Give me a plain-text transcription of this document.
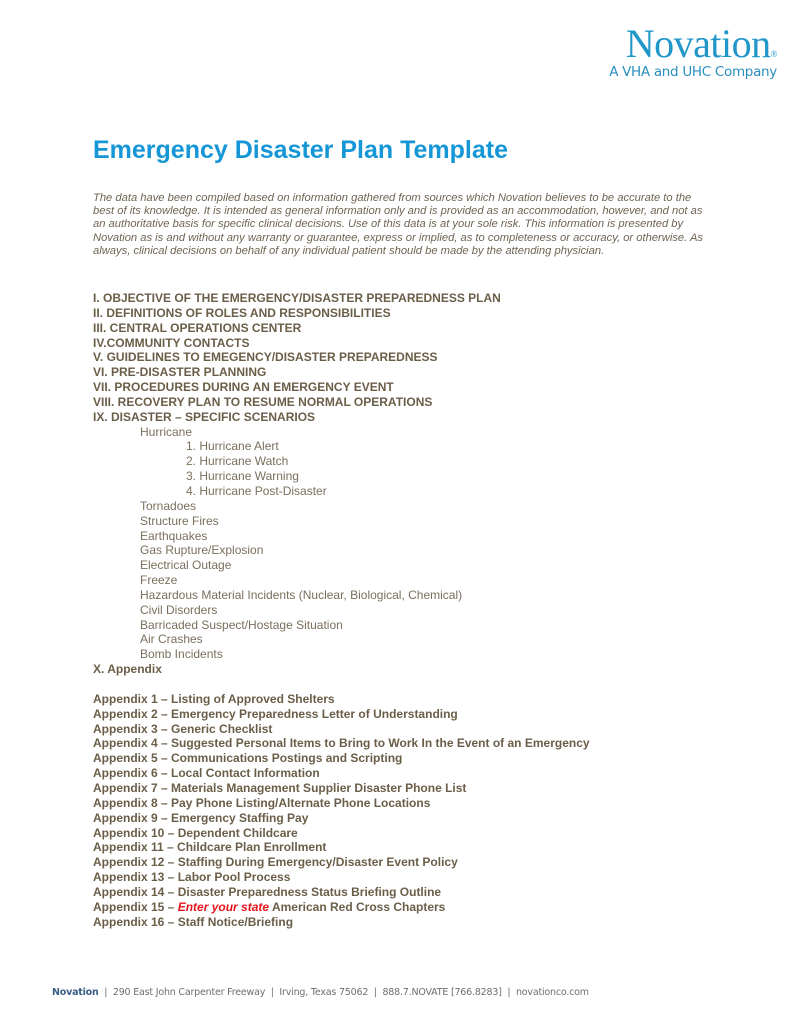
Novation®
A VHA and UHC Company
Emergency Disaster Plan Template
The data have been compiled based on information gathered from sources which Novation believes to be accurate to the best of its knowledge. It is intended as general information only and is provided as an accommodation, however, and not as an authoritative basis for specific clinical decisions. Use of this data is at your sole risk. This information is presented by Novation as is and without any warranty or guarantee, express or implied, as to completeness or accuracy, or otherwise. As always, clinical decisions on behalf of any individual patient should be made by the attending physician.
I. OBJECTIVE OF THE EMERGENCY/DISASTER PREPAREDNESS PLAN
II. DEFINITIONS OF ROLES AND RESPONSIBILITIES
III. CENTRAL OPERATIONS CENTER
IV.COMMUNITY CONTACTS
V. GUIDELINES TO EMEGENCY/DISASTER PREPAREDNESS
VI. PRE-DISASTER PLANNING
VII. PROCEDURES DURING AN EMERGENCY EVENT
VIII. RECOVERY PLAN TO RESUME NORMAL OPERATIONS
IX. DISASTER – SPECIFIC SCENARIOS
Hurricane
1. Hurricane Alert
2. Hurricane Watch
3. Hurricane Warning
4. Hurricane Post-Disaster
Tornadoes
Structure Fires
Earthquakes
Gas Rupture/Explosion
Electrical Outage
Freeze
Hazardous Material Incidents (Nuclear, Biological, Chemical)
Civil Disorders
Barricaded Suspect/Hostage Situation
Air Crashes
Bomb Incidents
X. Appendix
Appendix 1 – Listing of Approved Shelters
Appendix 2 – Emergency Preparedness Letter of Understanding
Appendix 3 – Generic Checklist
Appendix 4 – Suggested Personal Items to Bring to Work In the Event of an Emergency
Appendix 5 – Communications Postings and Scripting
Appendix 6 – Local Contact Information
Appendix 7 – Materials Management Supplier Disaster Phone List
Appendix 8 – Pay Phone Listing/Alternate Phone Locations
Appendix 9 – Emergency Staffing Pay
Appendix 10 – Dependent Childcare
Appendix 11 – Childcare Plan Enrollment
Appendix 12 – Staffing During Emergency/Disaster Event Policy
Appendix 13 – Labor Pool Process
Appendix 14 – Disaster Preparedness Status Briefing Outline
Appendix 15 – Enter your state American Red Cross Chapters
Appendix 16 – Staff Notice/Briefing
Novation  |  290 East John Carpenter Freeway  |  Irving, Texas 75062  |  888.7.NOVATE [766.8283]  |  novationco.com
